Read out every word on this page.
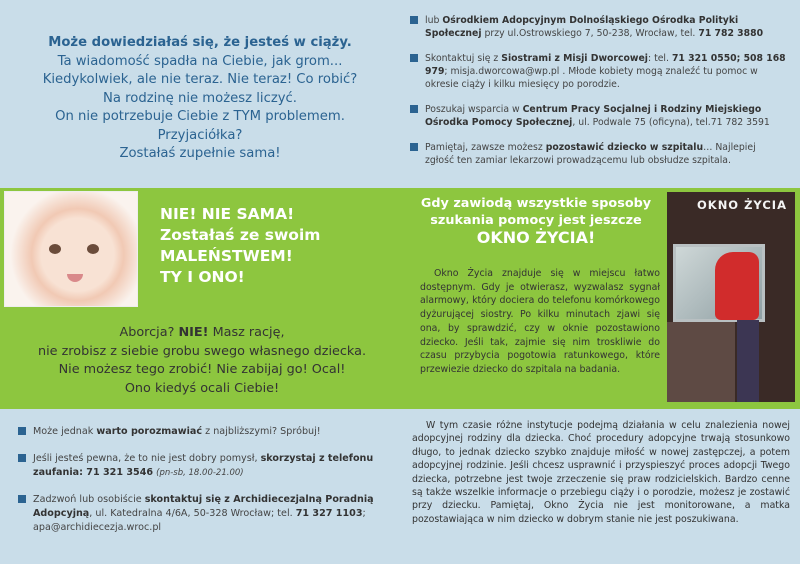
Może dowiedziałaś się, że jesteś w ciąży.
Ta wiadomość spadła na Ciebie, jak grom...
Kiedykolwiek, ale nie teraz. Nie teraz! Co robić?
Na rodzinę nie możesz liczyć.
On nie potrzebuje Ciebie z TYM problemem.
Przyjaciółka?
Zostałaś zupełnie sama!
lub Ośrodkiem Adopcyjnym Dolnośląskiego Ośrodka Polityki Społecznej przy ul.Ostrowskiego 7, 50-238, Wrocław, tel. 71 782 3880
Skontaktuj się z Siostrami z Misji Dworcowej: tel. 71 321 0550; 508 168 979; misja.dworcowa@wp.pl . Młode kobiety mogą znaleźć tu pomoc w okresie ciąży i kilku miesięcy po porodzie.
Poszukaj wsparcia w Centrum Pracy Socjalnej i Rodziny Miejskiego Ośrodka Pomocy Społecznej, ul. Podwale 75 (oficyna), tel.71 782 3591
Pamiętaj, zawsze możesz pozostawić dziecko w szpitalu… Najlepiej zgłość ten zamiar lekarzowi prowadzącemu lub obsłudze szpitala.
NIE! NIE SAMA!
Zostałaś ze swoim
MALEŃSTWEM!
TY I ONO!
Aborcja? NIE! Masz rację,
nie zrobisz z siebie grobu swego własnego dziecka.
Nie możesz tego zrobić! Nie zabijaj go! Ocal!
Ono kiedyś ocali Ciebie!
Gdy zawiodą wszystkie sposoby
szukania pomocy jest jeszcze
OKNO ŻYCIA!
Okno Życia znajduje się w miejscu łatwo dostępnym. Gdy je otwierasz, wyzwalasz sygnał alarmowy, który dociera do telefonu komórkowego dyżurującej siostry. Po kilku minutach zjawi się ona, by sprawdzić, czy w oknie pozostawiono dziecko. Jeśli tak, zajmie się nim troskliwie do czasu przybycia pogotowia ratunkowego, które przewiezie dziecko do szpitala na badania.
OKNO ŻYCIA
Może jednak warto porozmawiać z najbliższymi? Spróbuj!
Jeśli jesteś pewna, że to nie jest dobry pomysł, skorzystaj z telefonu zaufania: 71 321 3546 (pn-sb, 18.00-21.00)
Zadzwoń lub osobiście skontaktuj się z Archidiecezjalną Poradnią Adopcyjną, ul. Katedralna 4/6A, 50-328 Wrocław; tel. 71 327 1103; apa@archidiecezja.wroc.pl
W tym czasie różne instytucje podejmą działania w celu znalezienia nowej adopcyjnej rodziny dla dziecka. Choć procedury adopcyjne trwają stosunkowo długo, to jednak dziecko szybko znajduje miłość w nowej zastępczej, a potem adopcyjnej rodzinie. Jeśli chcesz usprawnić i przyspieszyć proces adopcji Twego dziecka, potrzebne jest twoje zrzeczenie się praw rodzicielskich. Bardzo cenne są także wszelkie informacje o przebiegu ciąży i o porodzie, możesz je zostawić przy dziecku. Pamiętaj, Okno Życia nie jest monitorowane, a matka pozostawiająca w nim dziecko w dobrym stanie nie jest poszukiwana.
